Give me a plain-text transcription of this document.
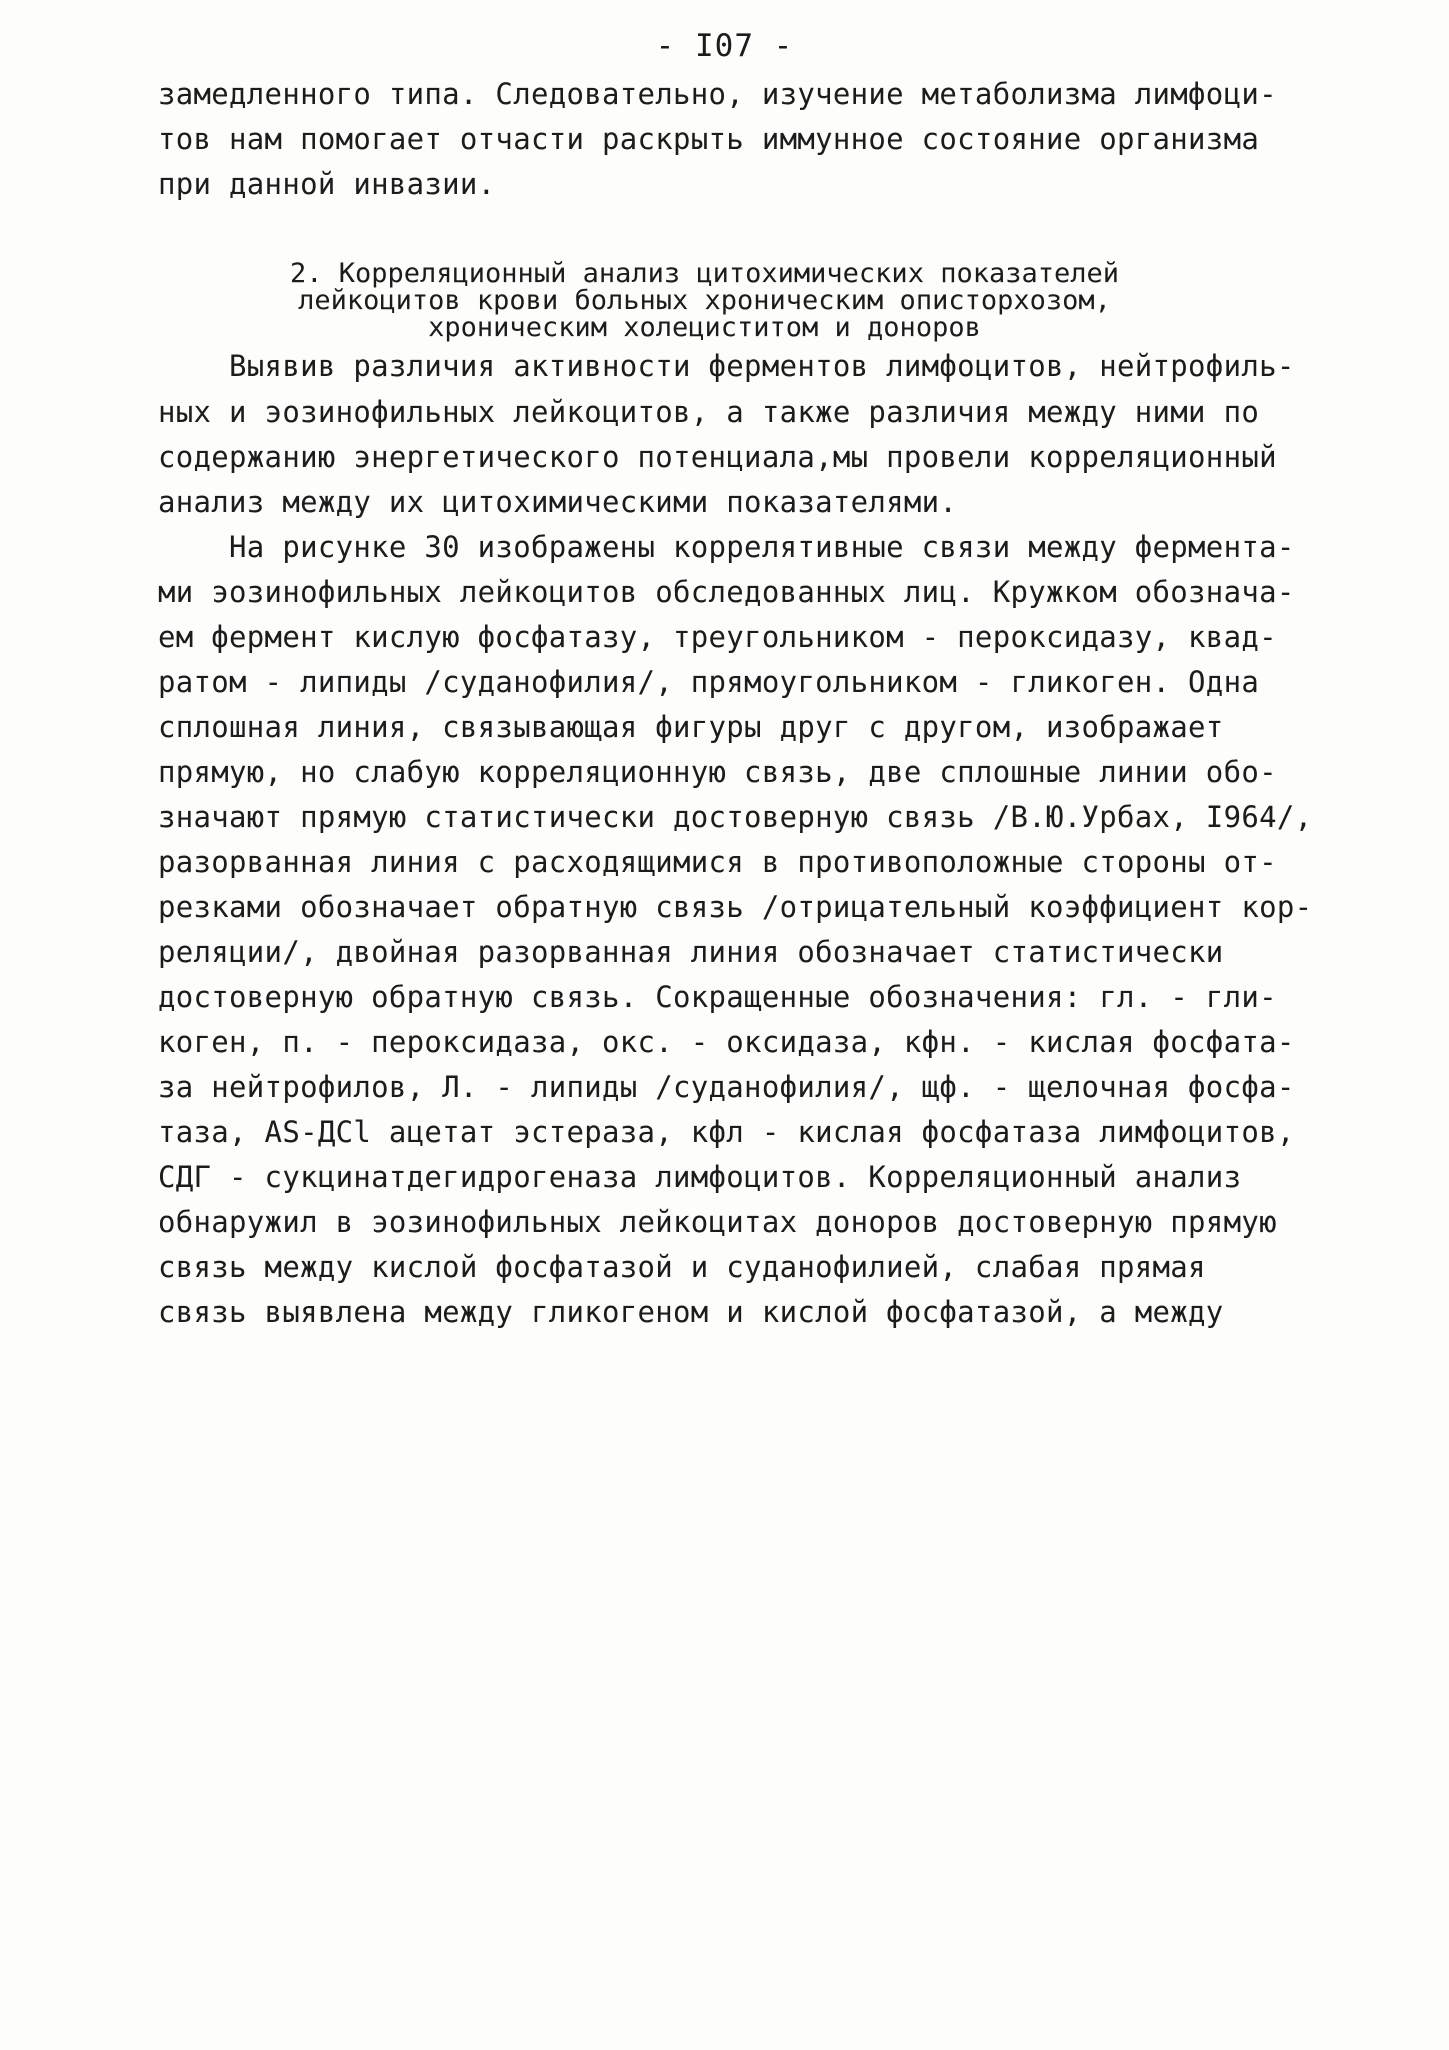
- I07 -
замедленного типа. Следовательно, изучение метаболизма лимфоци-
тов нам помогает отчасти раскрыть иммунное состояние организма
при данной инвазии.
2. Корреляционный анализ цитохимических показателей
лейкоцитов крови больных хроническим описторхозом,
хроническим холециститом и доноров
Выявив различия активности ферментов лимфоцитов, нейтрофиль-
ных и эозинофильных лейкоцитов, а также различия между ними по
содержанию энергетического потенциала,мы провели корреляционный
анализ между их цитохимическими показателями.
На рисунке 30 изображены коррелятивные связи между фермента-
ми эозинофильных лейкоцитов обследованных лиц. Кружком обознача-
ем фермент кислую фосфатазу, треугольником - пероксидазу, квад-
ратом - липиды /суданофилия/, прямоугольником - гликоген. Одна
сплошная линия, связывающая фигуры друг с другом, изображает
прямую, но слабую корреляционную связь, две сплошные линии обо-
значают прямую статистически достоверную связь /В.Ю.Урбах, I964/,
разорванная линия с расходящимися в противоположные стороны от-
резками обозначает обратную связь /отрицательный коэффициент кор-
реляции/, двойная разорванная линия обозначает статистически
достоверную обратную связь. Сокращенные обозначения: гл. - гли-
коген, п. - пероксидаза, окс. - оксидаза, кфн. - кислая фосфата-
за нейтрофилов, Л. - липиды /суданофилия/, щф. - щелочная фосфа-
таза, AS-ДCl ацетат эстераза, кфл - кислая фосфатаза лимфоцитов,
СДГ - сукцинатдегидрогеназа лимфоцитов. Корреляционный анализ
обнаружил в эозинофильных лейкоцитах доноров достоверную прямую
связь между кислой фосфатазой и суданофилией, слабая прямая
связь выявлена между гликогеном и кислой фосфатазой, а между
